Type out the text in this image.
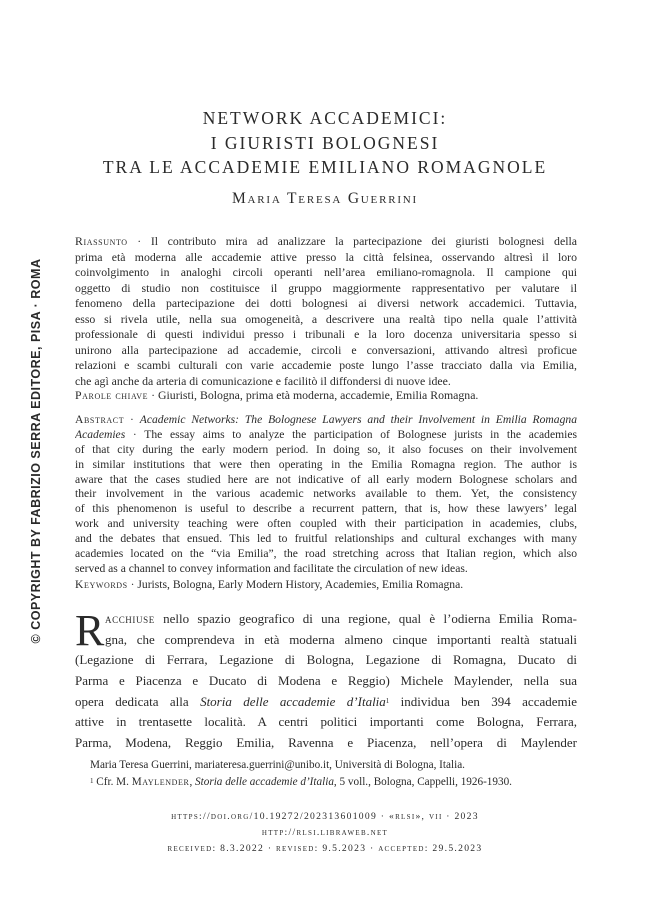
© COPYRIGHT BY FABRIZIO SERRA EDITORE, PISA · ROMA
NETWORK ACCADEMICI:
I GIURISTI BOLOGNESI
TRA LE ACCADEMIE EMILIANO ROMAGNOLE
Maria Teresa Guerrini
Riassunto · Il contributo mira ad analizzare la partecipazione dei giuristi bolognesi della
prima età moderna alle accademie attive presso la città felsinea, osservando altresì il loro
coinvolgimento in analoghi circoli operanti nell’area emiliano-romagnola. Il campione qui
oggetto di studio non costituisce il gruppo maggiormente rappresentativo per valutare il
fenomeno della partecipazione dei dotti bolognesi ai diversi network accademici. Tuttavia,
esso si rivela utile, nella sua omogeneità, a descrivere una realtà tipo nella quale l’attività
professionale di questi individui presso i tribunali e la loro docenza universitaria spesso si
unirono alla partecipazione ad accademie, circoli e conversazioni, attivando altresì proficue
relazioni e scambi culturali con varie accademie poste lungo l’asse tracciato dalla via Emilia,
che agì anche da arteria di comunicazione e facilitò il diffondersi di nuove idee.
Parole chiave · Giuristi, Bologna, prima età moderna, accademie, Emilia Romagna.
Abstract · Academic Networks: The Bolognese Lawyers and their Involvement in Emilia Romagna
Academies · The essay aims to analyze the participation of Bolognese jurists in the academies
of that city during the early modern period. In doing so, it also focuses on their involvement
in similar institutions that were then operating in the Emilia Romagna region. The author is
aware that the cases studied here are not indicative of all early modern Bolognese scholars and
their involvement in the various academic networks available to them. Yet, the consistency
of this phenomenon is useful to describe a recurrent pattern, that is, how these lawyers’ legal
work and university teaching were often coupled with their participation in academies, clubs,
and the debates that ensued. This led to fruitful relationships and cultural exchanges with many
academies located on the “via Emilia”, the road stretching across that Italian region, which also
served as a channel to convey information and facilitate the circulation of new ideas.
Keywords · Jurists, Bologna, Early Modern History, Academies, Emilia Romagna.
R acchiuse nello spazio geografico di una regione, qual è l’odierna Emilia Roma-
gna, che comprendeva in età moderna almeno cinque importanti realtà statuali
(Legazione di Ferrara, Legazione di Bologna, Legazione di Romagna, Ducato di
Parma e Piacenza e Ducato di Modena e Reggio) Michele Maylender, nella sua
opera dedicata alla Storia delle accademie d’Italia$^1$ individua ben 394 accademie
attive in trentasette località. A centri politici importanti come Bologna, Ferrara,
Parma, Modena, Reggio Emilia, Ravenna e Piacenza, nell’opera di Maylender
Maria Teresa Guerrini, mariateresa.guerrini@unibo.it, Università di Bologna, Italia.
$^1$ Cfr. M. Maylender, Storia delle accademie d’Italia, 5 voll., Bologna, Cappelli, 1926-1930.
https://doi.org/10.19272/202313601009 · «rlsi», vii · 2023
http://rlsi.libraweb.net
received: 8.3.2022 · revised: 9.5.2023 · accepted: 29.5.2023
